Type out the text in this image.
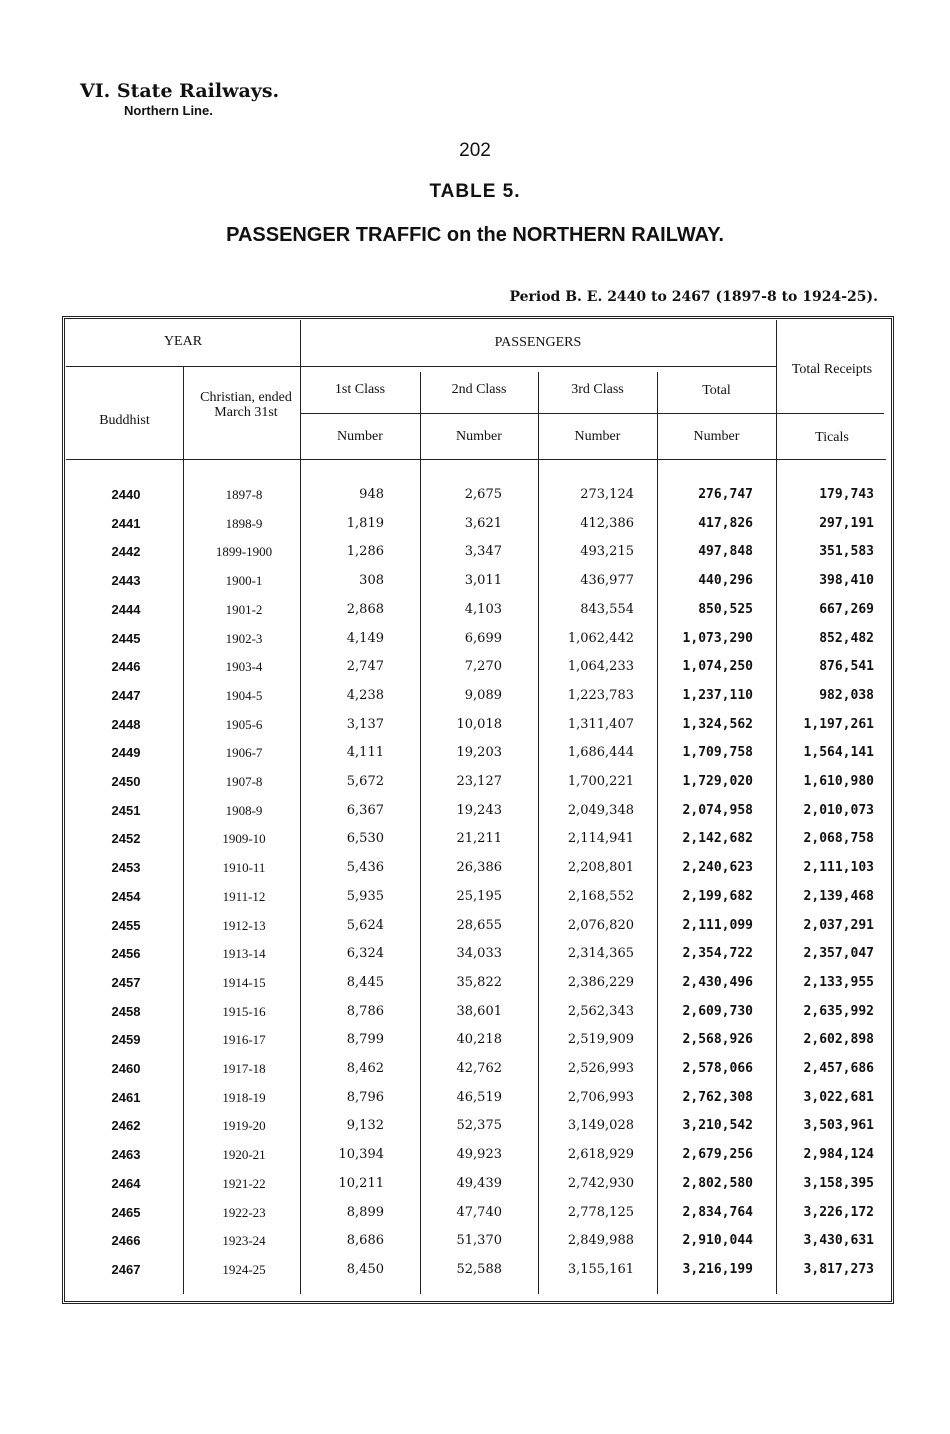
VI. State Railways.
Northern Line.
202
TABLE 5.
PASSENGER TRAFFIC on the NORTHERN RAILWAY.
Period B. E. 2440 to 2467 (1897-8 to 1924-25).
YEAR	PASSENGERS
Total Receipts
Buddhist
Christian, ended March 31st
1st Class	2nd Class	3rd Class	Total
Number	Number	Number	Number	Ticals
2440	1897-8	948	2,675	273,124	276,747	179,743
2441	1898-9	1,819	3,621	412,386	417,826	297,191
2442	1899-1900	1,286	3,347	493,215	497,848	351,583
2443	1900-1	308	3,011	436,977	440,296	398,410
2444	1901-2	2,868	4,103	843,554	850,525	667,269
2445	1902-3	4,149	6,699	1,062,442	1,073,290	852,482
2446	1903-4	2,747	7,270	1,064,233	1,074,250	876,541
2447	1904-5	4,238	9,089	1,223,783	1,237,110	982,038
2448	1905-6	3,137	10,018	1,311,407	1,324,562	1,197,261
2449	1906-7	4,111	19,203	1,686,444	1,709,758	1,564,141
2450	1907-8	5,672	23,127	1,700,221	1,729,020	1,610,980
2451	1908-9	6,367	19,243	2,049,348	2,074,958	2,010,073
2452	1909-10	6,530	21,211	2,114,941	2,142,682	2,068,758
2453	1910-11	5,436	26,386	2,208,801	2,240,623	2,111,103
2454	1911-12	5,935	25,195	2,168,552	2,199,682	2,139,468
2455	1912-13	5,624	28,655	2,076,820	2,111,099	2,037,291
2456	1913-14	6,324	34,033	2,314,365	2,354,722	2,357,047
2457	1914-15	8,445	35,822	2,386,229	2,430,496	2,133,955
2458	1915-16	8,786	38,601	2,562,343	2,609,730	2,635,992
2459	1916-17	8,799	40,218	2,519,909	2,568,926	2,602,898
2460	1917-18	8,462	42,762	2,526,993	2,578,066	2,457,686
2461	1918-19	8,796	46,519	2,706,993	2,762,308	3,022,681
2462	1919-20	9,132	52,375	3,149,028	3,210,542	3,503,961
2463	1920-21	10,394	49,923	2,618,929	2,679,256	2,984,124
2464	1921-22	10,211	49,439	2,742,930	2,802,580	3,158,395
2465	1922-23	8,899	47,740	2,778,125	2,834,764	3,226,172
2466	1923-24	8,686	51,370	2,849,988	2,910,044	3,430,631
2467	1924-25	8,450	52,588	3,155,161	3,216,199	3,817,273
